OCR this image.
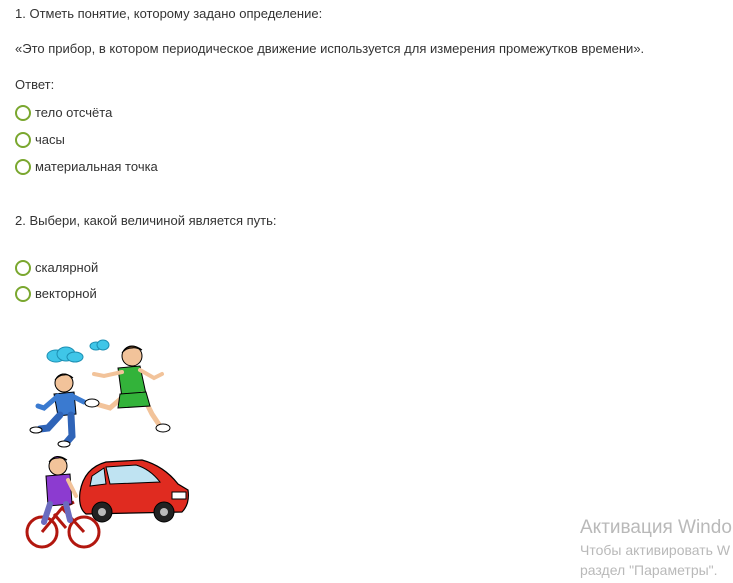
1. Отметь понятие, которому задано определение:
«Это прибор, в котором периодическое движение используется для измерения промежутков времени».
Ответ:
тело отсчёта
часы
материальная точка
2. Выбери, какой величиной является путь:
скалярной
векторной
Активация Windo
Чтобы активировать W
раздел "Параметры".
